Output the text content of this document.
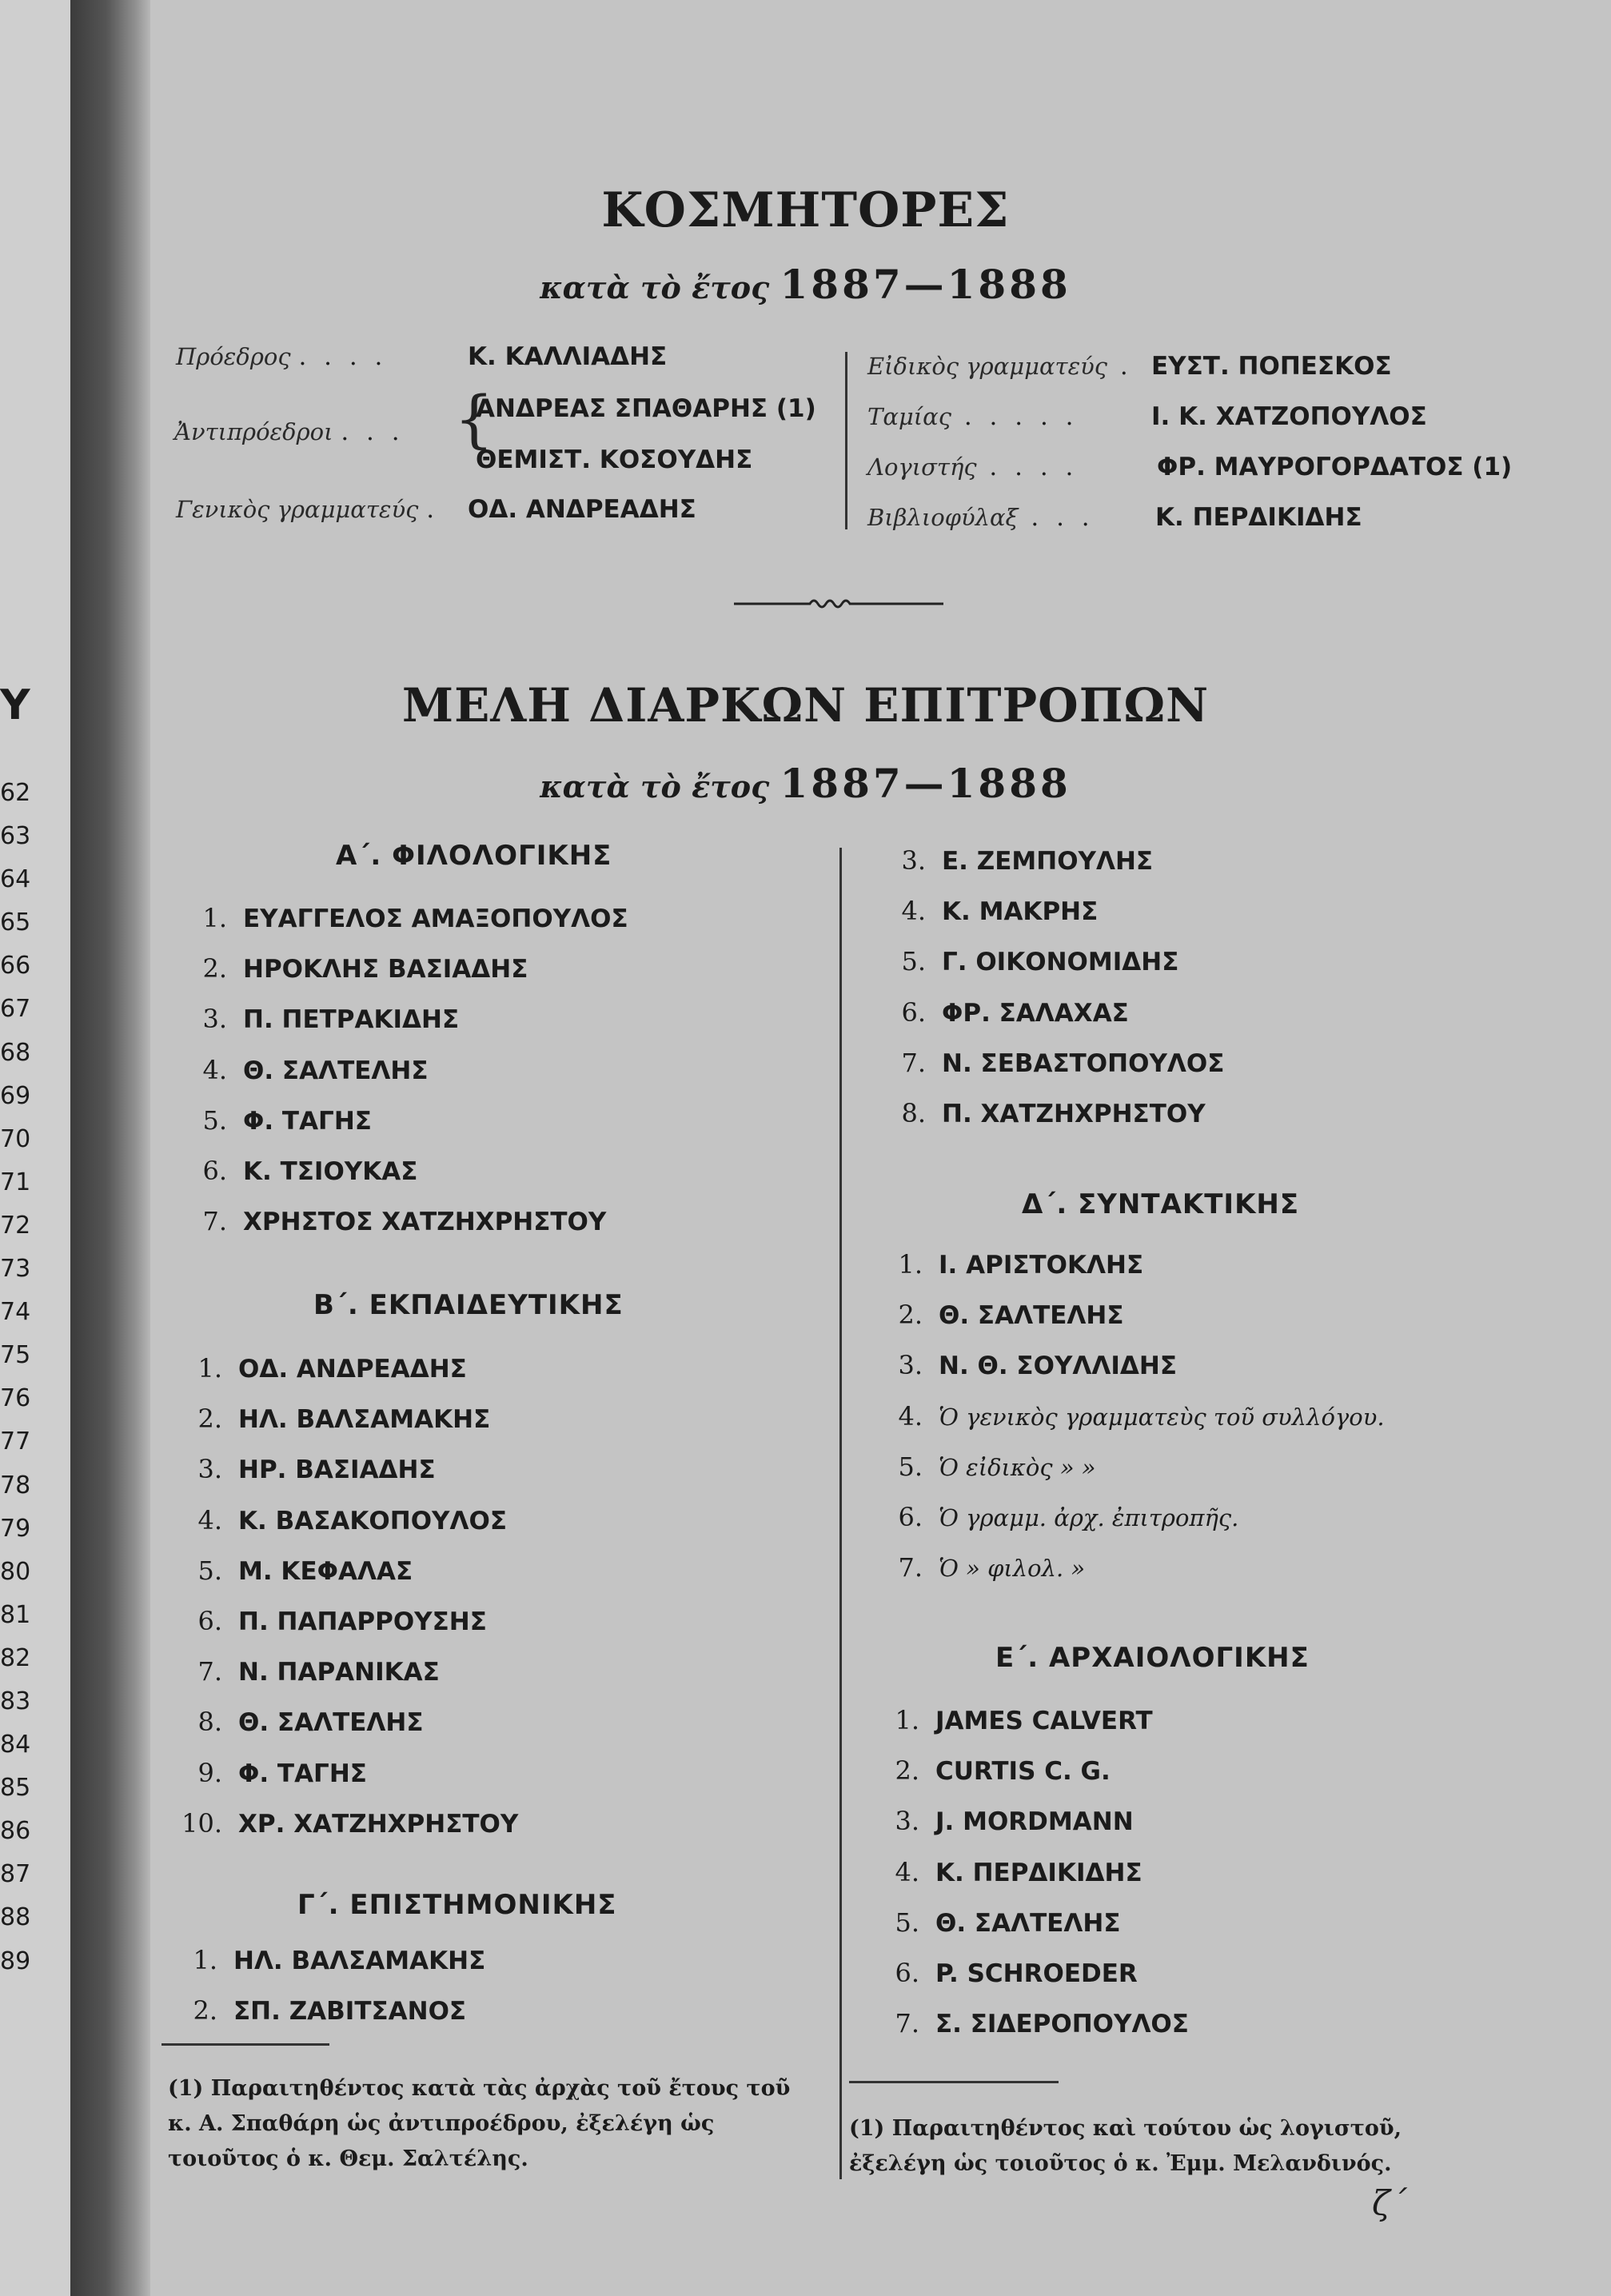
Υ
62
63
64
65
66
67
68
69
70
71
72
73
74
75
76
77
78
79
80
81
82
83
84
85
86
87
88
89
ΚΟΣΜΗΤΟΡΕΣ
κατὰ τὸ ἔτος 1887—1888
Πρόεδρος . . . .	Κ. ΚΑΛΛΙΑΔΗΣ
Ἀντιπρόεδροι . . . {
ΑΝΔΡΕΑΣ ΣΠΑΘΑΡΗΣ (1)
ΘΕΜΙΣΤ. ΚΟΣΟΥΔΗΣ
Γενικὸς γραμματεύς . ΟΔ. ΑΝΔΡΕΑΔΗΣ
Εἰδικὸς γραμματεύς . ΕΥΣΤ. ΠΟΠΕΣΚΟΣ
Ταμίας . . . . .	Ι. Κ. ΧΑΤΖΟΠΟΥΛΟΣ
Λογιστής . . . .	ΦΡ. ΜΑΥΡΟΓΟΡΔΑΤΟΣ (1)
Βιβλιοφύλαξ . . . Κ. ΠΕΡΔΙΚΙΔΗΣ
ΜΕΛΗ ΔΙΑΡΚΩΝ ΕΠΙΤΡΟΠΩΝ
κατὰ τὸ ἔτος 1887—1888
Α΄. ΦΙΛΟΛΟΓΙΚΗΣ
1. ΕΥΑΓΓΕΛΟΣ ΑΜΑΞΟΠΟΥΛΟΣ
2. ΗΡΟΚΛΗΣ ΒΑΣΙΑΔΗΣ
3. Π. ΠΕΤΡΑΚΙΔΗΣ
4. Θ. ΣΑΛΤΕΛΗΣ
5. Φ. ΤΑΓΗΣ
6. Κ. ΤΣΙΟΥΚΑΣ
7. ΧΡΗΣΤΟΣ ΧΑΤΖΗΧΡΗΣΤΟΥ
Β΄. ΕΚΠΑΙΔΕΥΤΙΚΗΣ
1. ΟΔ. ΑΝΔΡΕΑΔΗΣ
2. ΗΛ. ΒΑΛΣΑΜΑΚΗΣ
3. ΗΡ. ΒΑΣΙΑΔΗΣ
4. Κ. ΒΑΣΑΚΟΠΟΥΛΟΣ
5. Μ. ΚΕΦΑΛΑΣ
6. Π. ΠΑΠΑΡΡΟΥΣΗΣ
7. Ν. ΠΑΡΑΝΙΚΑΣ
8. Θ. ΣΑΛΤΕΛΗΣ
9. Φ. ΤΑΓΗΣ
10. ΧΡ. ΧΑΤΖΗΧΡΗΣΤΟΥ
Γ΄. ΕΠΙΣΤΗΜΟΝΙΚΗΣ
1. ΗΛ. ΒΑΛΣΑΜΑΚΗΣ
2. ΣΠ. ΖΑΒΙΤΣΑΝΟΣ
3. Ε. ΖΕΜΠΟΥΛΗΣ
4. Κ. ΜΑΚΡΗΣ
5. Γ. ΟΙΚΟΝΟΜΙΔΗΣ
6. ΦΡ. ΣΑΛΑΧΑΣ
7. Ν. ΣΕΒΑΣΤΟΠΟΥΛΟΣ
8. Π. ΧΑΤΖΗΧΡΗΣΤΟΥ
Δ΄. ΣΥΝΤΑΚΤΙΚΗΣ
1. Ι. ΑΡΙΣΤΟΚΛΗΣ
2. Θ. ΣΑΛΤΕΛΗΣ
3. Ν. Θ. ΣΟΥΛΛΙΔΗΣ
4. Ὁ γενικὸς γραμματεὺς τοῦ συλλόγου.
5. Ὁ εἰδικὸς » »
6. Ὁ γραμμ. ἀρχ. ἐπιτροπῆς.
7. Ὁ » φιλολ. »
Ε΄. ΑΡΧΑΙΟΛΟΓΙΚΗΣ
1. JAMES CALVERT
2. CURTIS C. G.
3. J. MORDMANN
4. Κ. ΠΕΡΔΙΚΙΔΗΣ
5. Θ. ΣΑΛΤΕΛΗΣ
6. P. SCHROEDER
7. Σ. ΣΙΔΕΡΟΠΟΥΛΟΣ
(1) Παραιτηθέντος κατὰ τὰς ἀρχὰς τοῦ ἔτους τοῦ κ. Α. Σπαθάρη ὡς ἀντιπροέδρου, ἐξελέγη ὡς τοιοῦτος ὁ κ. Θεμ. Σαλτέλης.
(1) Παραιτηθέντος καὶ τούτου ὡς λογιστοῦ, ἐξελέγη ὡς τοιοῦτος ὁ κ. Ἐμμ. Μελανδινός.
ζ΄
